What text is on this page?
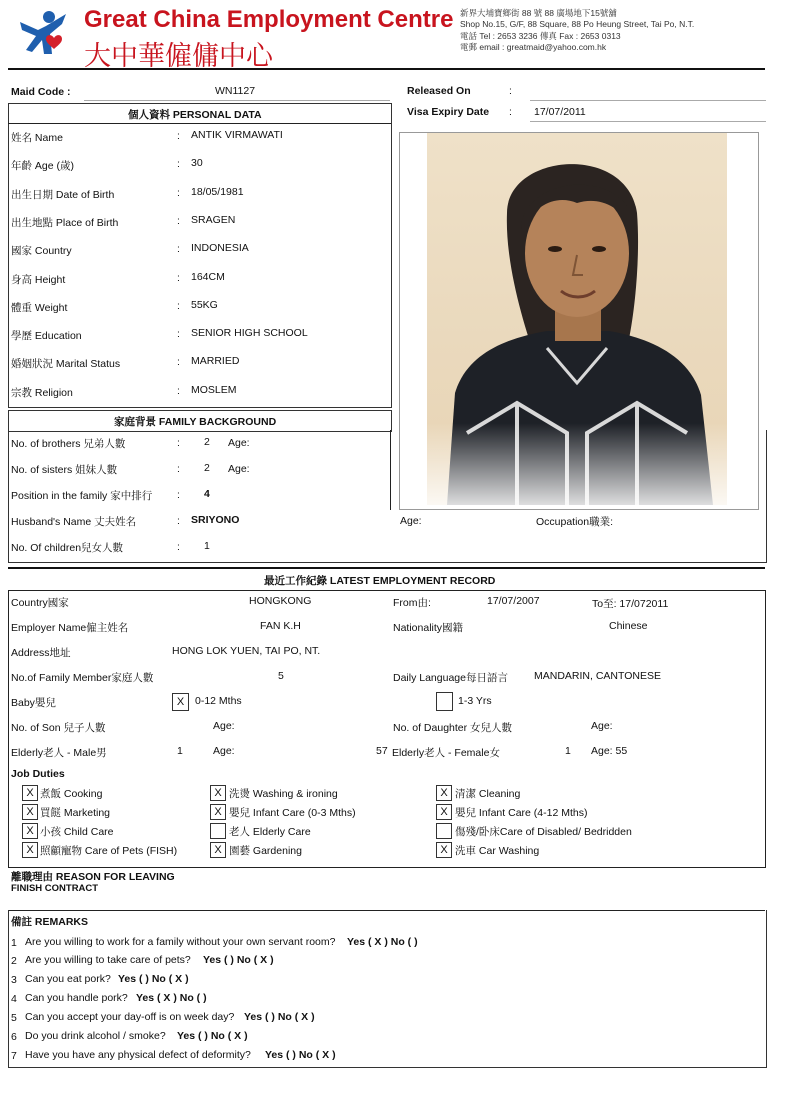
Great China Employment Centre
大中華僱傭中心
新界大埔寶鄉街 88 號 88 廣場地下15號舖
Shop No.15, G/F, 88 Square, 88 Po Heung Street, Tai Po, N.T.
電話 Tel : 2653 3236 傳真 Fax : 2653 0313
電郵 email : greatmaid@yahoo.com.hk
Maid Code :	WN1127	Released On	:
Visa Expiry Date : 17/07/2011
個人資料 PERSONAL DATA
姓名 Name	: ANTIK VIRMAWATI
年齡 Age (歲)	: 30
出生日期 Date of Birth	: 18/05/1981
出生地點 Place of Birth	: SRAGEN
國家 Country	: INDONESIA
身高 Height	: 164CM
體重 Weight	: 55KG
學歷 Education	: SENIOR HIGH SCHOOL
婚姻狀況 Marital Status	: MARRIED
宗教 Religion	: MOSLEM
家庭背景 FAMILY BACKGROUND
No. of brothers 兄弟人數	: 2 Age:
No. of sisters 姐妹人數	: 2 Age:
Position in the family 家中排行 : 4
Husband's Name 丈夫姓名	: SRIYONO	Age:	Occupation職業:
No. Of children兒女人數	: 1
最近工作紀錄 LATEST EMPLOYMENT RECORD
Country國家	HONGKONG	From由:	17/07/2007	To至: 17/072011
Employer Name僱主姓名	FAN K.H	Nationality國籍	Chinese
Address地址	HONG LOK YUEN, TAI PO, NT.
No.of Family Member家庭人數	5	Daily Language每日語言 MANDARIN, CANTONESE
Baby嬰兒	X	0-12 Mths	1-3 Yrs
No. of Son 兒子人數	Age:	No. of Daughter 女兒人數	Age:
Elderly老人 - Male男	1	Age:	57 Elderly老人 - Female女	1 Age: 55
Job Duties
X 煮飯 Cooking	X 洗燙 Washing & ironing	X 清潔 Cleaning
X 買餸 Marketing	X 嬰兒 Infant Care (0-3 Mths)	X 嬰兒 Infant Care (4-12 Mths)
X 小孩 Child Care	老人 Elderly Care	傷殘/卧床Care of Disabled/ Bedridden
X 照顧寵物 Care of Pets (FISH)	X 園藝 Gardening	X 洗車 Car Washing
離職理由 REASON FOR LEAVING
FINISH CONTRACT
備註 REMARKS
1 Are you willing to work for a family without your own servant room? Yes ( X ) No ( )
2 Are you willing to take care of pets? Yes ( ) No ( X )
3 Can you eat pork? Yes ( ) No ( X )
4 Can you handle pork? Yes ( X ) No ( )
5 Can you accept your day-off is on week day? Yes ( ) No ( X )
6 Do you drink alcohol / smoke? Yes ( ) No ( X )
7 Have you have any physical defect of deformity? Yes ( ) No ( X )
